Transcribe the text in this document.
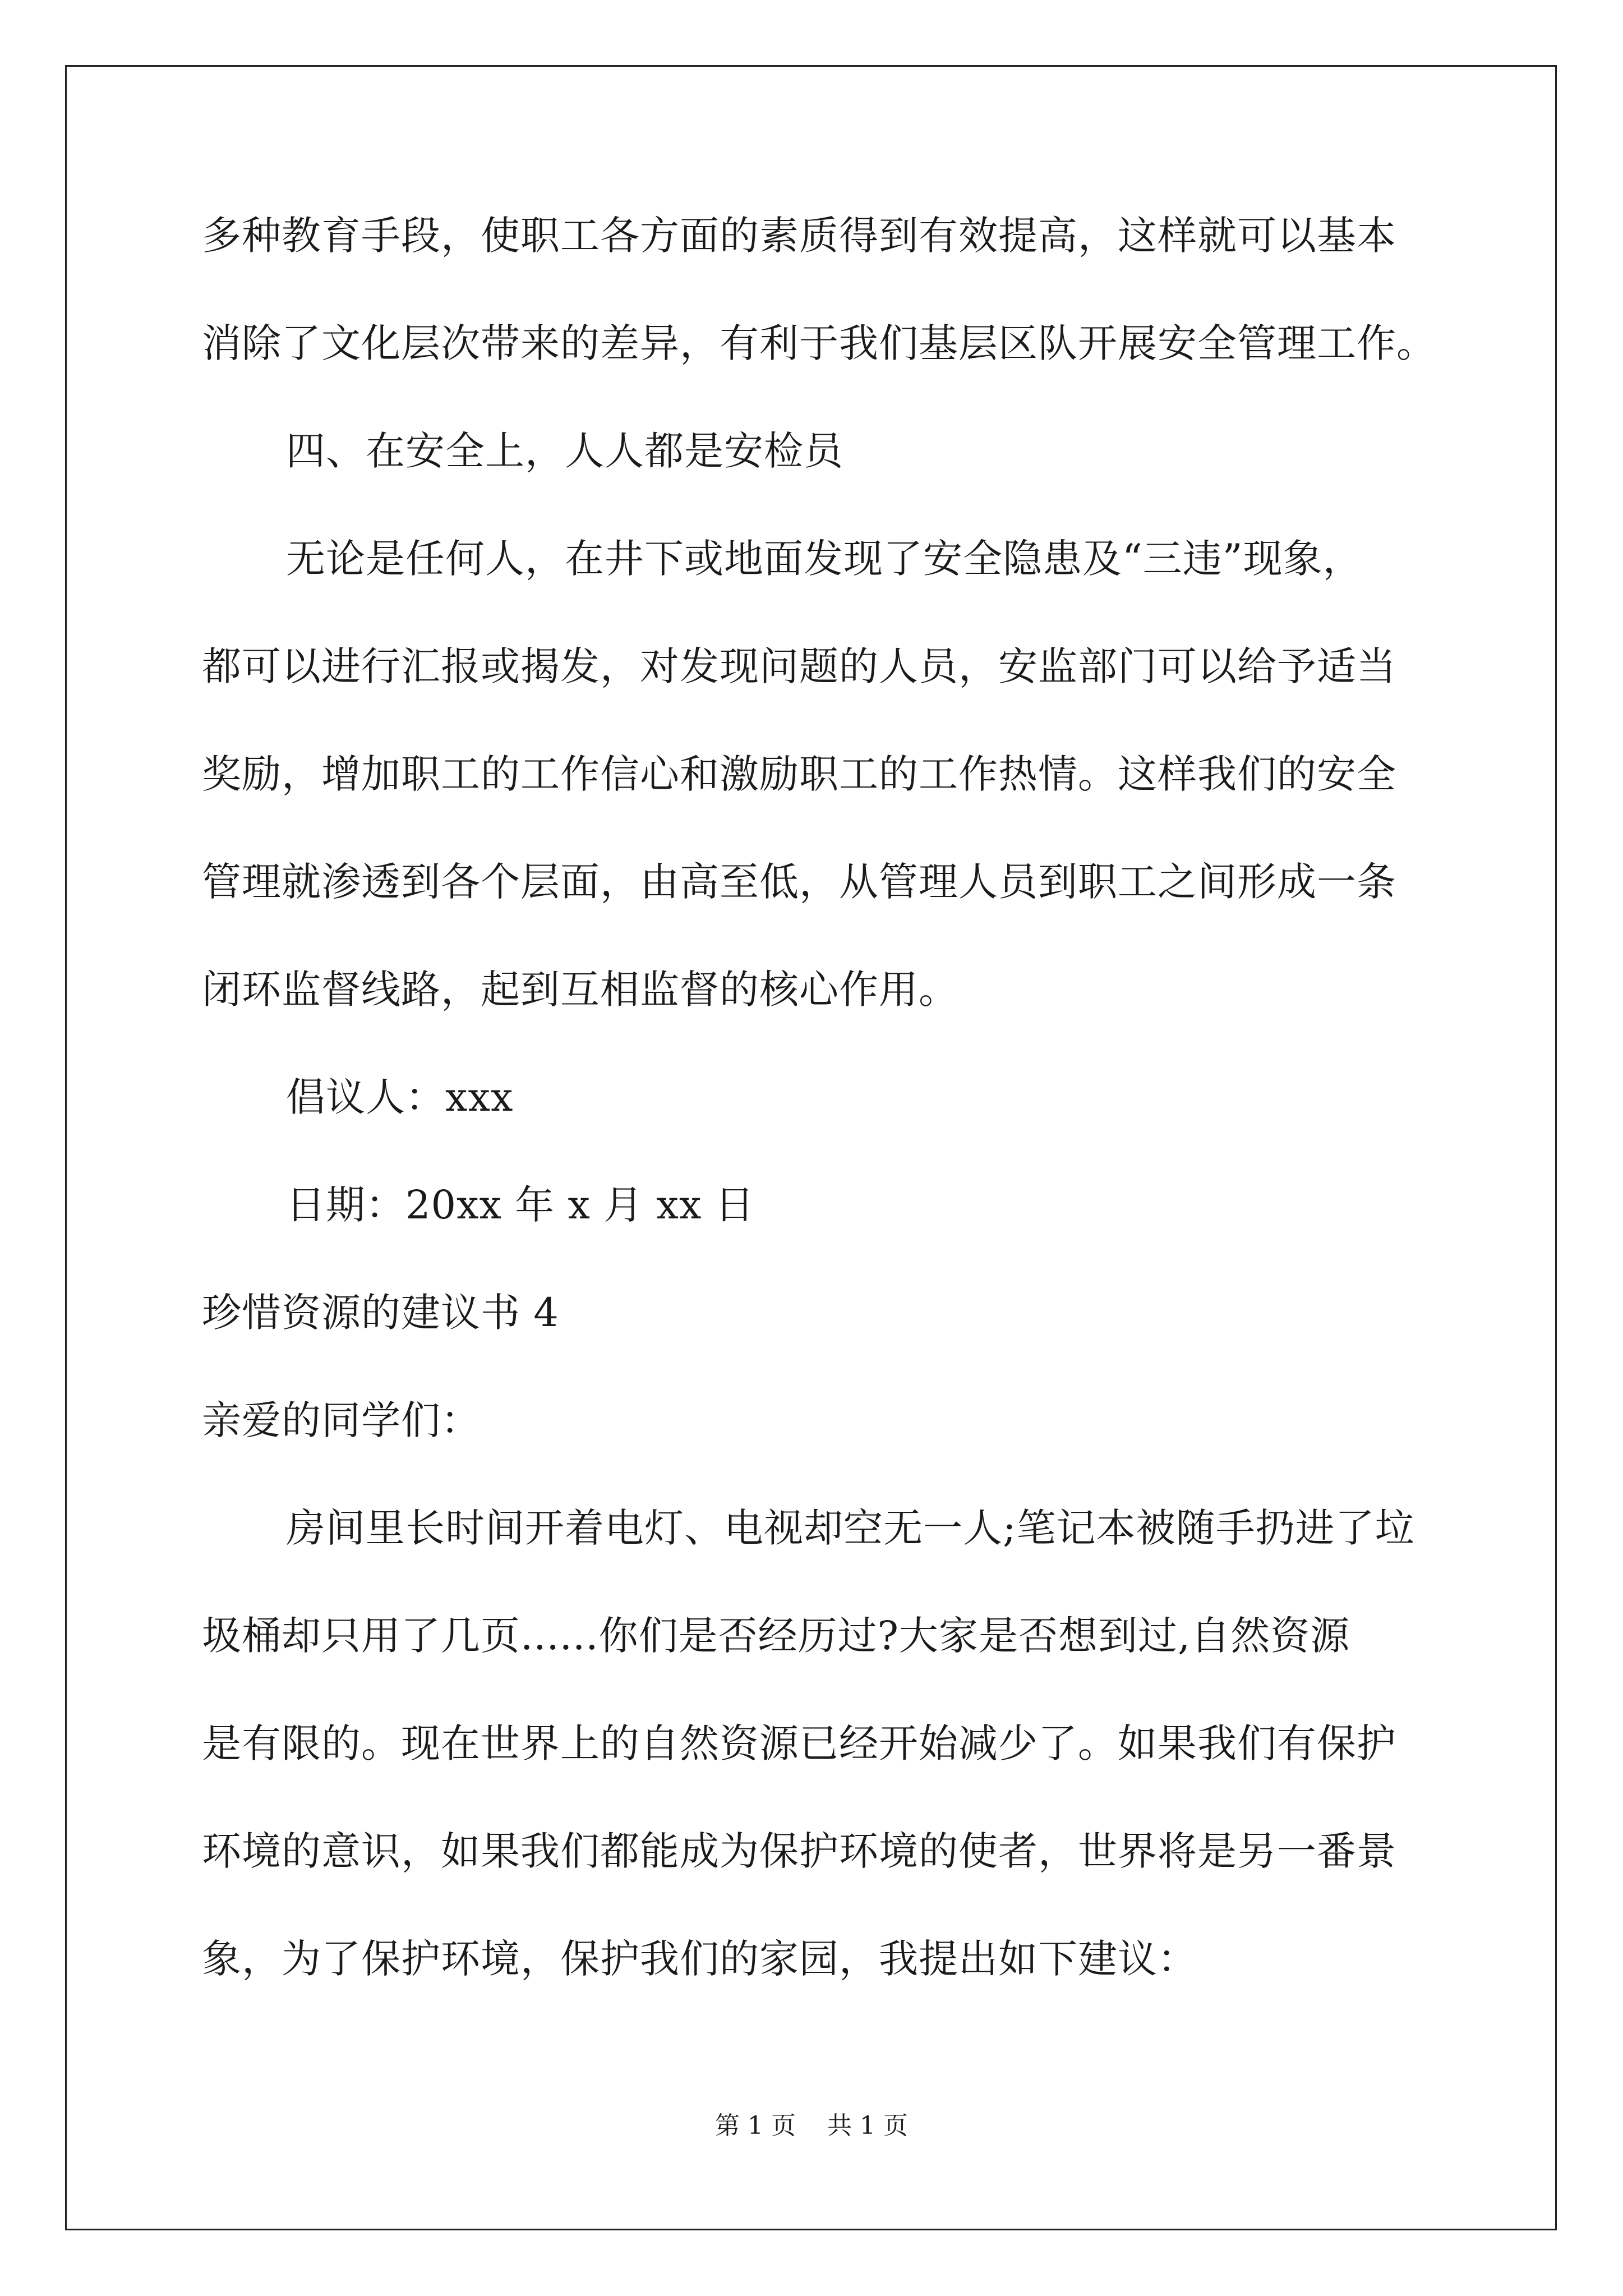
多种教育手段，使职工各方面的素质得到有效提高，这样就可以基本
消除了文化层次带来的差异，有利于我们基层区队开展安全管理工作。
四、在安全上，人人都是安检员
无论是任何人，在井下或地面发现了安全隐患及“三违”现象，
都可以进行汇报或揭发，对发现问题的人员，安监部门可以给予适当
奖励，增加职工的工作信心和激励职工的工作热情。这样我们的安全
管理就渗透到各个层面，由高至低，从管理人员到职工之间形成一条
闭环监督线路，起到互相监督的核心作用。
倡议人：xxx
日期：20xx 年 x 月 xx 日
珍惜资源的建议书 4
亲爱的同学们：
房间里长时间开着电灯、电视却空无一人;笔记本被随手扔进了垃
圾桶却只用了几页......你们是否经历过?大家是否想到过,自然资源
是有限的。现在世界上的自然资源已经开始减少了。如果我们有保护
环境的意识，如果我们都能成为保护环境的使者，世界将是另一番景
象，为了保护环境，保护我们的家园，我提出如下建议：
第 1 页    共 1 页
